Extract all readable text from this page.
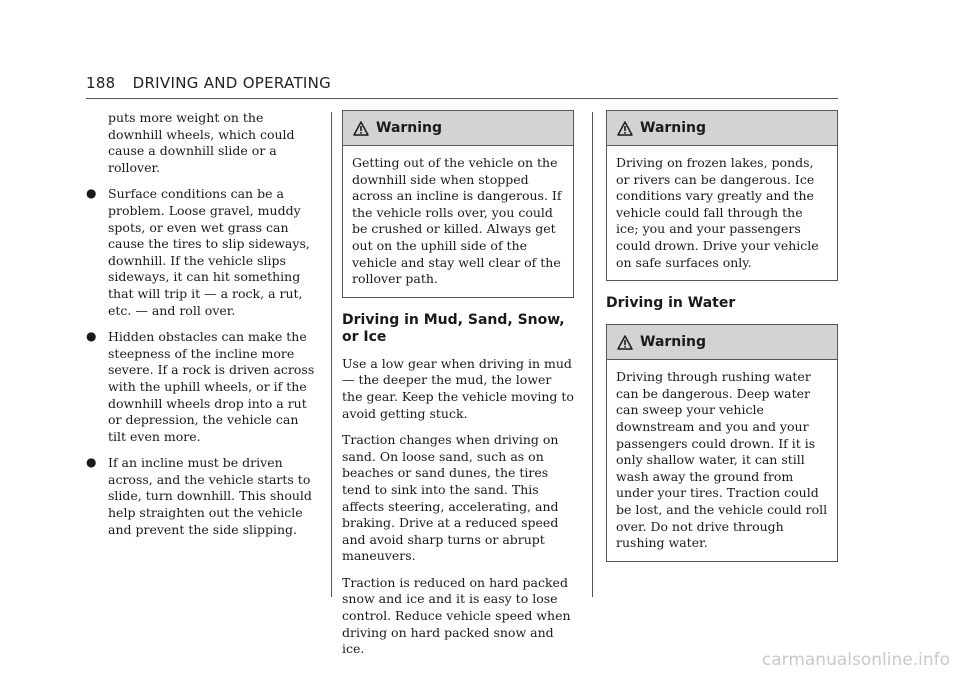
188 DRIVING AND OPERATING

puts more weight on the downhill wheels, which could cause a downhill slide or a rollover.

● Surface conditions can be a problem. Loose gravel, muddy spots, or even wet grass can cause the tires to slip sideways, downhill. If the vehicle slips sideways, it can hit something that will trip it — a rock, a rut, etc. — and roll over.

● Hidden obstacles can make the steepness of the incline more severe. If a rock is driven across with the uphill wheels, or if the downhill wheels drop into a rut or depression, the vehicle can tilt even more.

● If an incline must be driven across, and the vehicle starts to slide, turn downhill. This should help straighten out the vehicle and prevent the side slipping.

Warning

Getting out of the vehicle on the downhill side when stopped across an incline is dangerous. If the vehicle rolls over, you could be crushed or killed. Always get out on the uphill side of the vehicle and stay well clear of the rollover path.

Driving in Mud, Sand, Snow, or Ice

Use a low gear when driving in mud — the deeper the mud, the lower the gear. Keep the vehicle moving to avoid getting stuck.

Traction changes when driving on sand. On loose sand, such as on beaches or sand dunes, the tires tend to sink into the sand. This affects steering, accelerating, and braking. Drive at a reduced speed and avoid sharp turns or abrupt maneuvers.

Traction is reduced on hard packed snow and ice and it is easy to lose control. Reduce vehicle speed when driving on hard packed snow and ice.

Warning

Driving on frozen lakes, ponds, or rivers can be dangerous. Ice conditions vary greatly and the vehicle could fall through the ice; you and your passengers could drown. Drive your vehicle on safe surfaces only.

Driving in Water
Warning

Driving through rushing water can be dangerous. Deep water can sweep your vehicle downstream and you and your passengers could drown. If it is only shallow water, it can still wash away the ground from under your tires. Traction could be lost, and the vehicle could roll over. Do not drive through rushing water.

carmanualsonline.info
